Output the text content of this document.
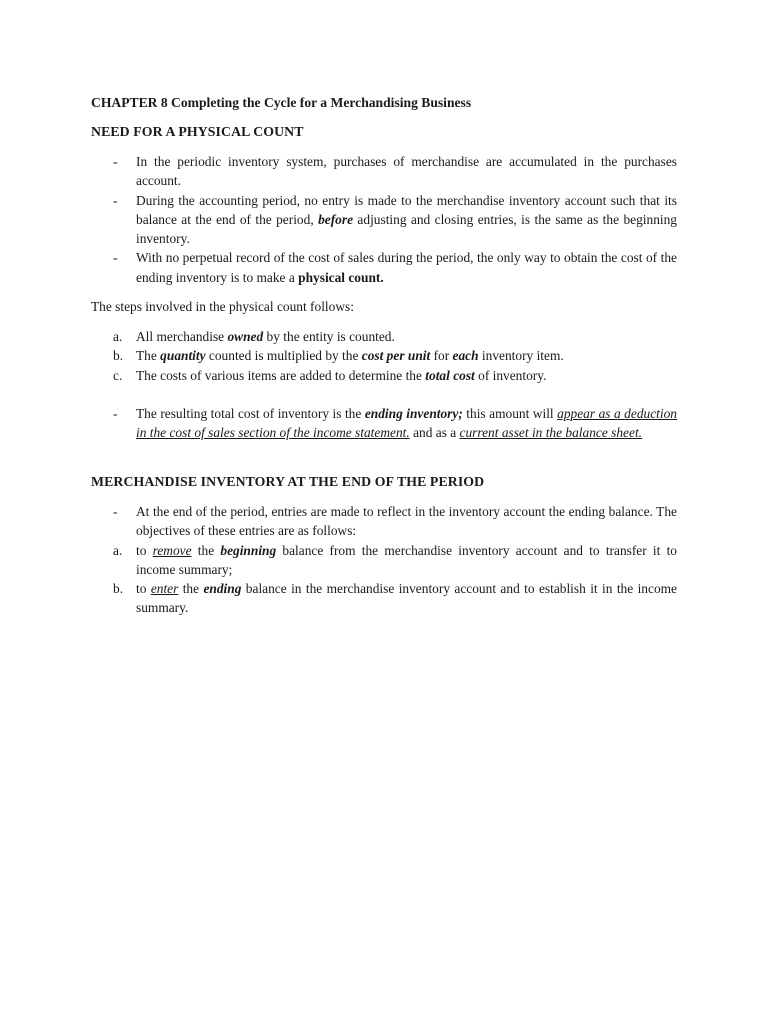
CHAPTER 8 Completing the Cycle for a Merchandising Business
NEED FOR A PHYSICAL COUNT
- In the periodic inventory system, purchases of merchandise are accumulated in the purchases account.
- During the accounting period, no entry is made to the merchandise inventory account such that its balance at the end of the period, before adjusting and closing entries, is the same as the beginning inventory.
- With no perpetual record of the cost of sales during the period, the only way to obtain the cost of the ending inventory is to make a physical count.
The steps involved in the physical count follows:
a. All merchandise owned by the entity is counted.
b. The quantity counted is multiplied by the cost per unit for each inventory item.
c. The costs of various items are added to determine the total cost of inventory.
- The resulting total cost of inventory is the ending inventory; this amount will appear as a deduction in the cost of sales section of the income statement. and as a current asset in the balance sheet.
MERCHANDISE INVENTORY AT THE END OF THE PERIOD
- At the end of the period, entries are made to reflect in the inventory account the ending balance. The objectives of these entries are as follows:
a. to remove the beginning balance from the merchandise inventory account and to transfer it to income summary;
b. to enter the ending balance in the merchandise inventory account and to establish it in the income summary.
